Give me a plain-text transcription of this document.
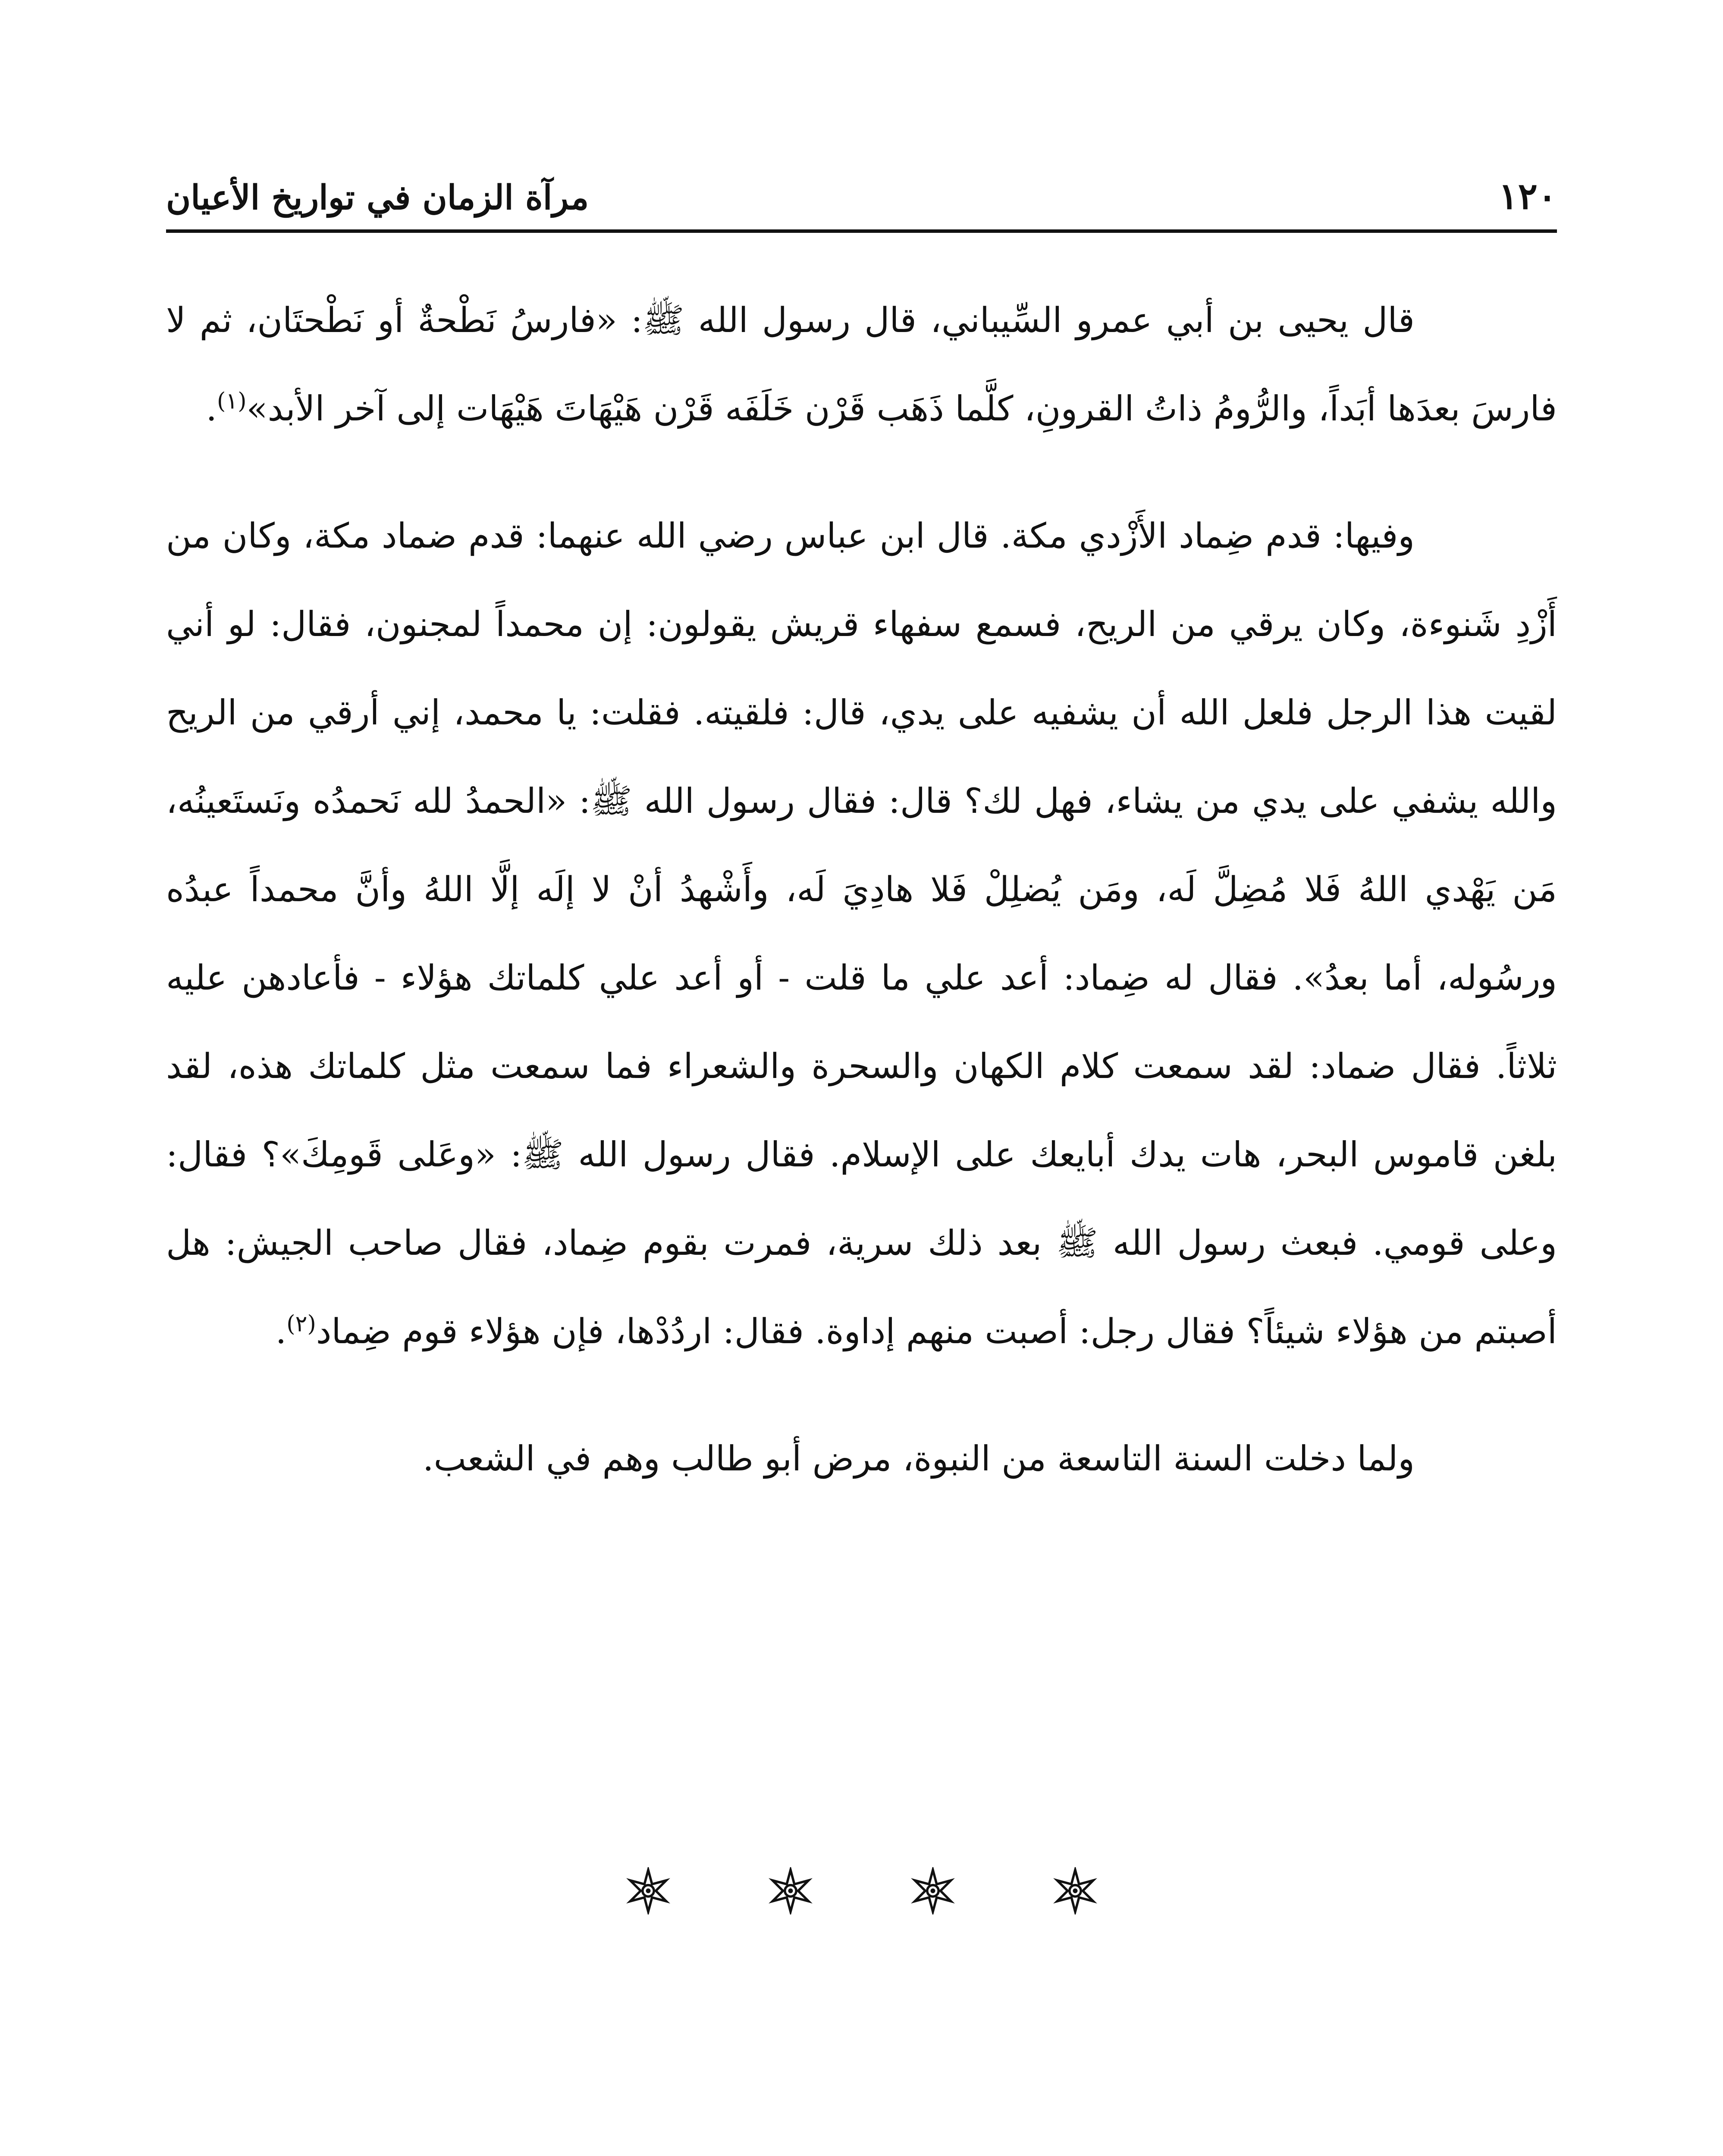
١٢٠
مرآة الزمان في تواريخ الأعيان

قال يحيى بن أبي عمرو السِّيباني، قال رسول الله ﷺ: «فارسُ نَطْحةٌ أو نَطْحتَان، ثم لا فارسَ بعدَها أبَداً، والرُّومُ ذاتُ القرونِ، كلَّما ذَهَب قَرْن خَلَفَه قَرْن هَيْهَاتَ هَيْهَات إلى آخر الأبد»$^{(١)}$.

وفيها: قدم ضِماد الأَزْدي مكة. قال ابن عباس رضي الله عنهما: قدم ضماد مكة، وكان من أَزْدِ شَنوءة، وكان يرقي من الريح، فسمع سفهاء قريش يقولون: إن محمداً لمجنون، فقال: لو أني لقيت هذا الرجل فلعل الله أن يشفيه على يدي، قال: فلقيته. فقلت: يا محمد، إني أرقي من الريح والله يشفي على يدي من يشاء، فهل لك؟ قال: فقال رسول الله ﷺ: «الحمدُ لله نَحمدُه ونَستَعينُه، مَن يَهْدي اللهُ فَلا مُضِلَّ لَه، ومَن يُضلِلْ فَلا هادِيَ لَه، وأَشْهدُ أنْ لا إلَه إلَّا اللهُ وأنَّ محمداً عبدُه ورسُوله، أما بعدُ». فقال له ضِماد: أعد علي ما قلت - أو أعد علي كلماتك هؤلاء - فأعادهن عليه ثلاثاً. فقال ضماد: لقد سمعت كلام الكهان والسحرة والشعراء فما سمعت مثل كلماتك هذه، لقد بلغن قاموس البحر، هات يدك أبايعك على الإسلام. فقال رسول الله ﷺ: «وعَلى قَومِكَ»؟ فقال: وعلى قومي. فبعث رسول الله ﷺ بعد ذلك سرية، فمرت بقوم ضِماد، فقال صاحب الجيش: هل أصبتم من هؤلاء شيئاً؟ فقال رجل: أصبت منهم إداوة. فقال: اردُدْها، فإن هؤلاء قوم ضِماد$^{(٢)}$.

ولما دخلت السنة التاسعة من النبوة، مرض أبو طالب وهم في الشعب.
